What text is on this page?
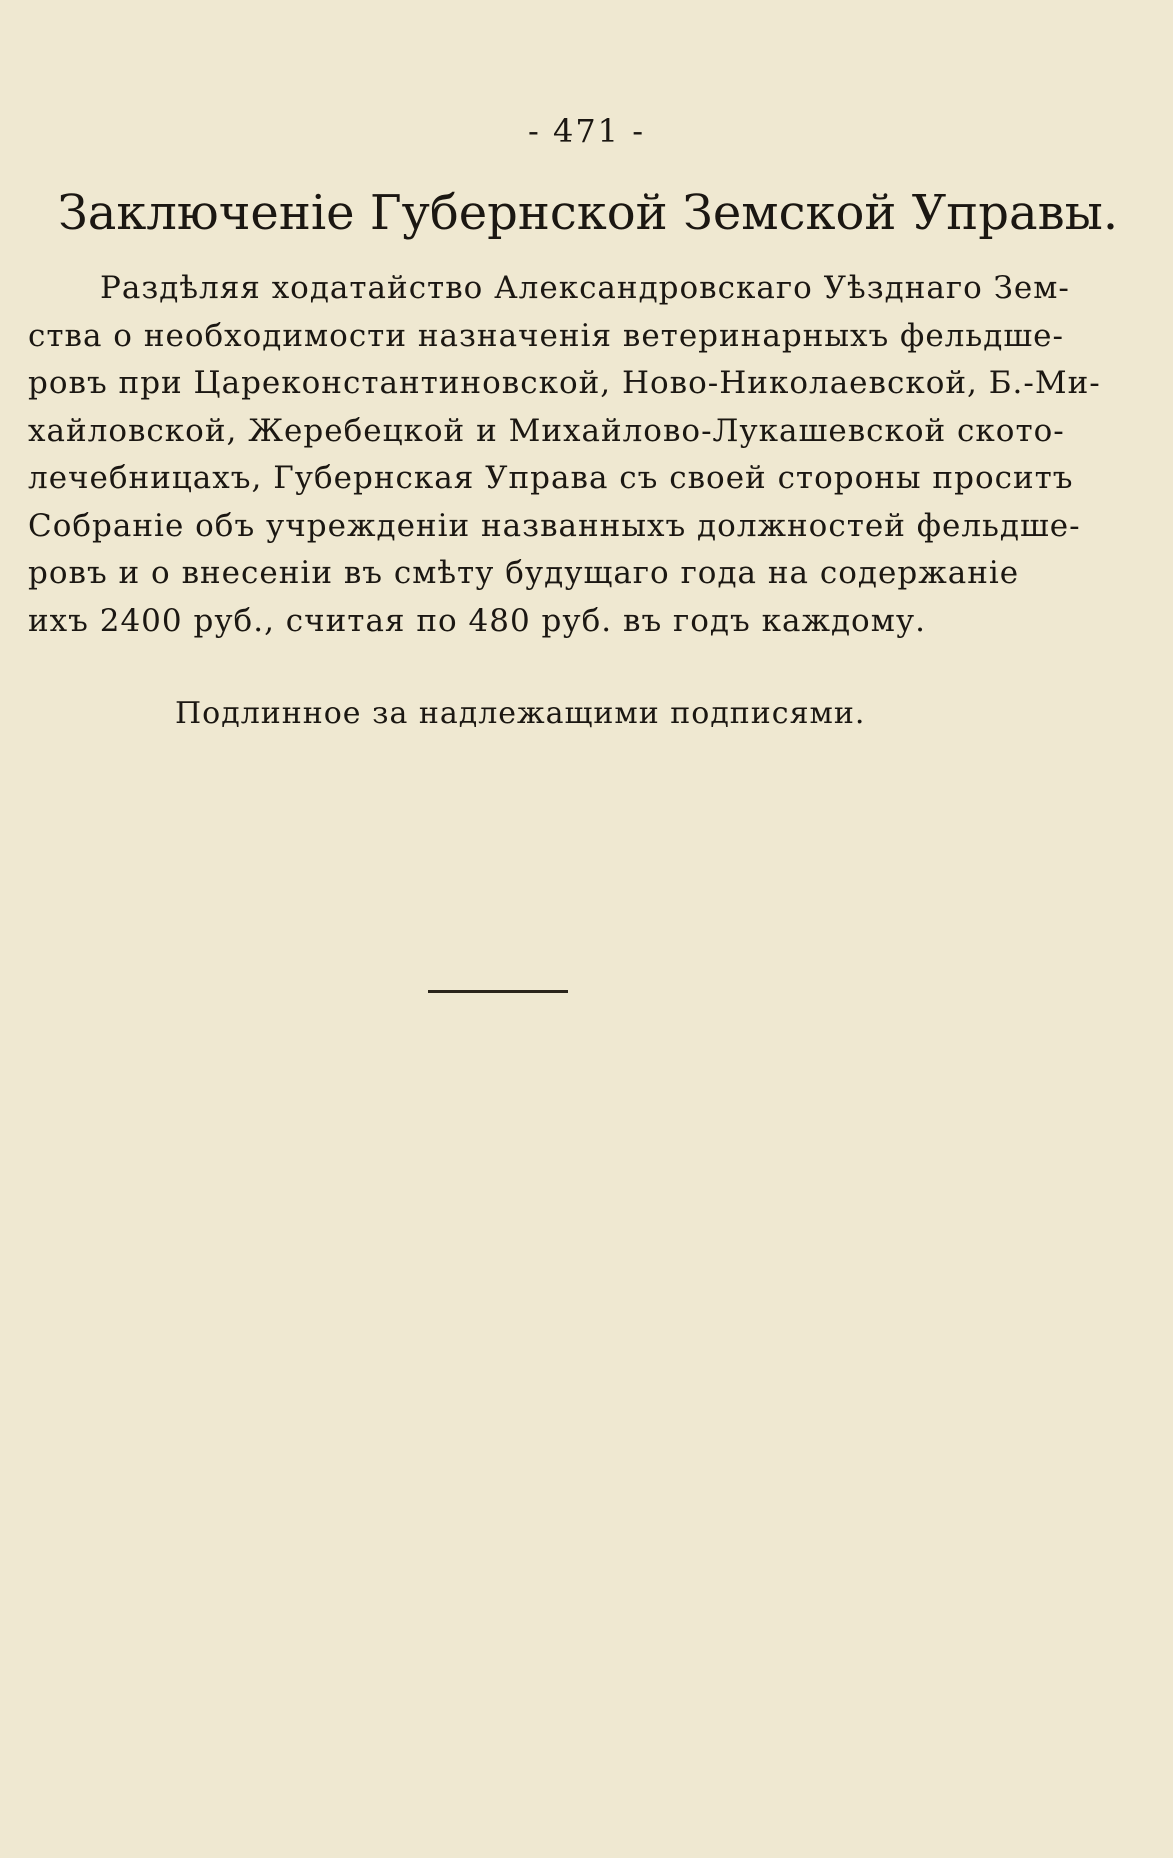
- 471 -
Заключенiе Губернской Земской Управы.
Раздѣляя ходатайство Александровскаго Уѣзднаго Зем-
ства о необходимости назначенія ветеринарныхъ фельдше-
ровъ при Цареконстантиновской, Ново-Николаевской, Б.-Ми-
хайловской, Жеребецкой и Михайлово-Лукашевской ското-
лечебницахъ, Губернская Управа съ своей стороны проситъ
Собраніе объ учрежденіи названныхъ должностей фельдше-
ровъ и о внесеніи въ смѣту будущаго года на содержаніе
ихъ 2400 руб., считая по 480 руб. въ годъ каждому.
Подлинное за надлежащими подписями.
